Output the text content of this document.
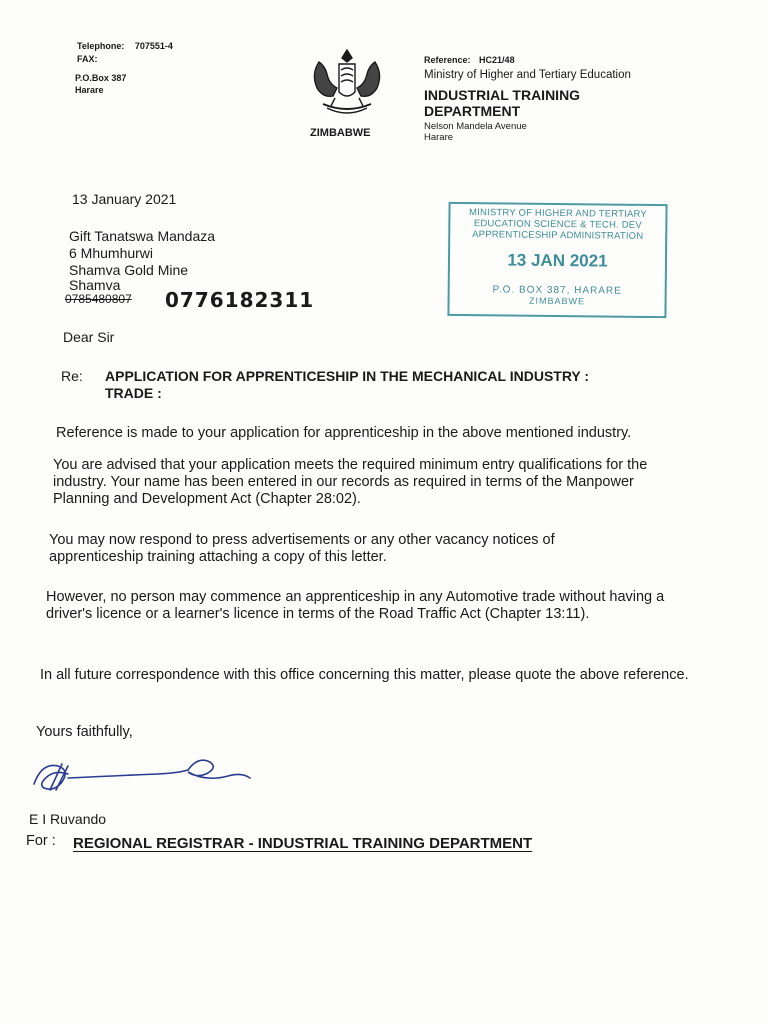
Telephone: 707551-4
FAX:
P.O.Box 387
Harare
ZIMBABWE
Reference: HC21/48
Ministry of Higher and Tertiary Education
INDUSTRIAL TRAINING
DEPARTMENT
Nelson Mandela Avenue
Harare
13 January 2021
Gift Tanatswa Mandaza
6 Mhumhurwi
Shamva Gold Mine
Shamva
0785480807 0776182311
MINISTRY OF HIGHER AND TERTIARY
EDUCATION SCIENCE & TECH. DEV
APPRENTICESHIP ADMINISTRATION
13 JAN 2021
P.O. BOX 387, HARARE
ZIMBABWE
Dear Sir
Re: APPLICATION FOR APPRENTICESHIP IN THE MECHANICAL INDUSTRY :
TRADE :
Reference is made to your application for apprenticeship in the above mentioned industry.
You are advised that your application meets the required minimum entry qualifications for the industry. Your name has been entered in our records as required in terms of the Manpower Planning and Development Act (Chapter 28:02).
You may now respond to press advertisements or any other vacancy notices of apprenticeship training attaching a copy of this letter.
However, no person may commence an apprenticeship in any Automotive trade without having a driver's licence or a learner's licence in terms of the Road Traffic Act (Chapter 13:11).
In all future correspondence with this office concerning this matter, please quote the above reference.
Yours faithfully,
E I Ruvando
For : REGIONAL REGISTRAR - INDUSTRIAL TRAINING DEPARTMENT
